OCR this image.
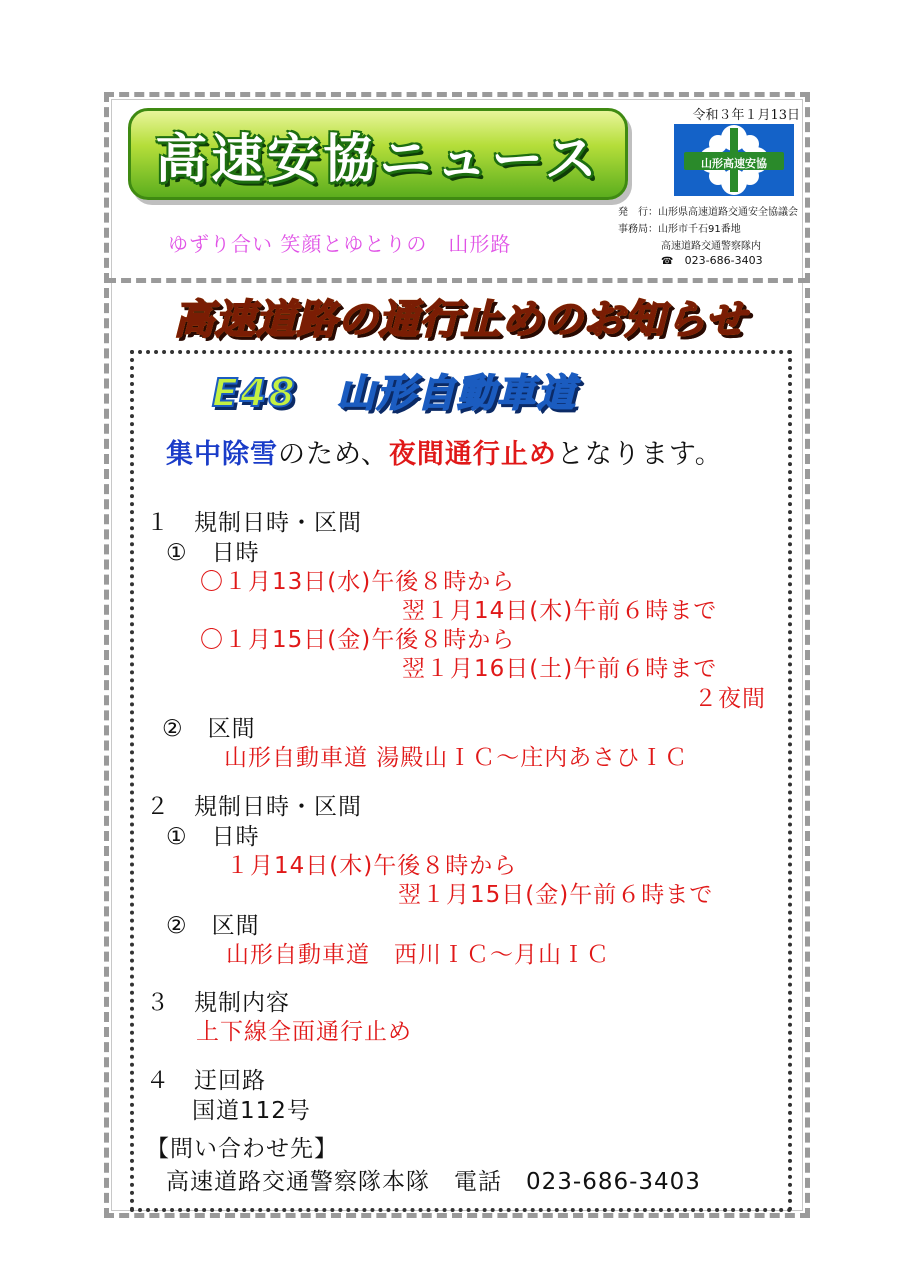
高速安協ニュース
令和３年１月13日
山形高速安協
ゆずり合い 笑顔とゆとりの　山形路
発　行：山形県高速道路交通安全協議会
事務局：山形市千石91番地
高速道路交通警察隊内
☎ 023-686-3403
高速道路の通行止めのお知らせ
E48　山形自動車道
集中除雪のため、夜間通行止めとなります。
１　規制日時・区間
①　日時
〇１月13日(水)午後８時から
翌１月14日(木)午前６時まで
〇１月15日(金)午後８時から
翌１月16日(土)午前６時まで
２夜間
②　区間
山形自動車道 湯殿山ＩＣ～庄内あさひＩＣ
２　規制日時・区間
①　日時
１月14日(木)午後８時から
翌１月15日(金)午前６時まで
②　区間
山形自動車道　西川ＩＣ～月山ＩＣ
３　規制内容
上下線全面通行止め
４　迂回路
国道112号
【問い合わせ先】
高速道路交通警察隊本隊　電話　023-686-3403
